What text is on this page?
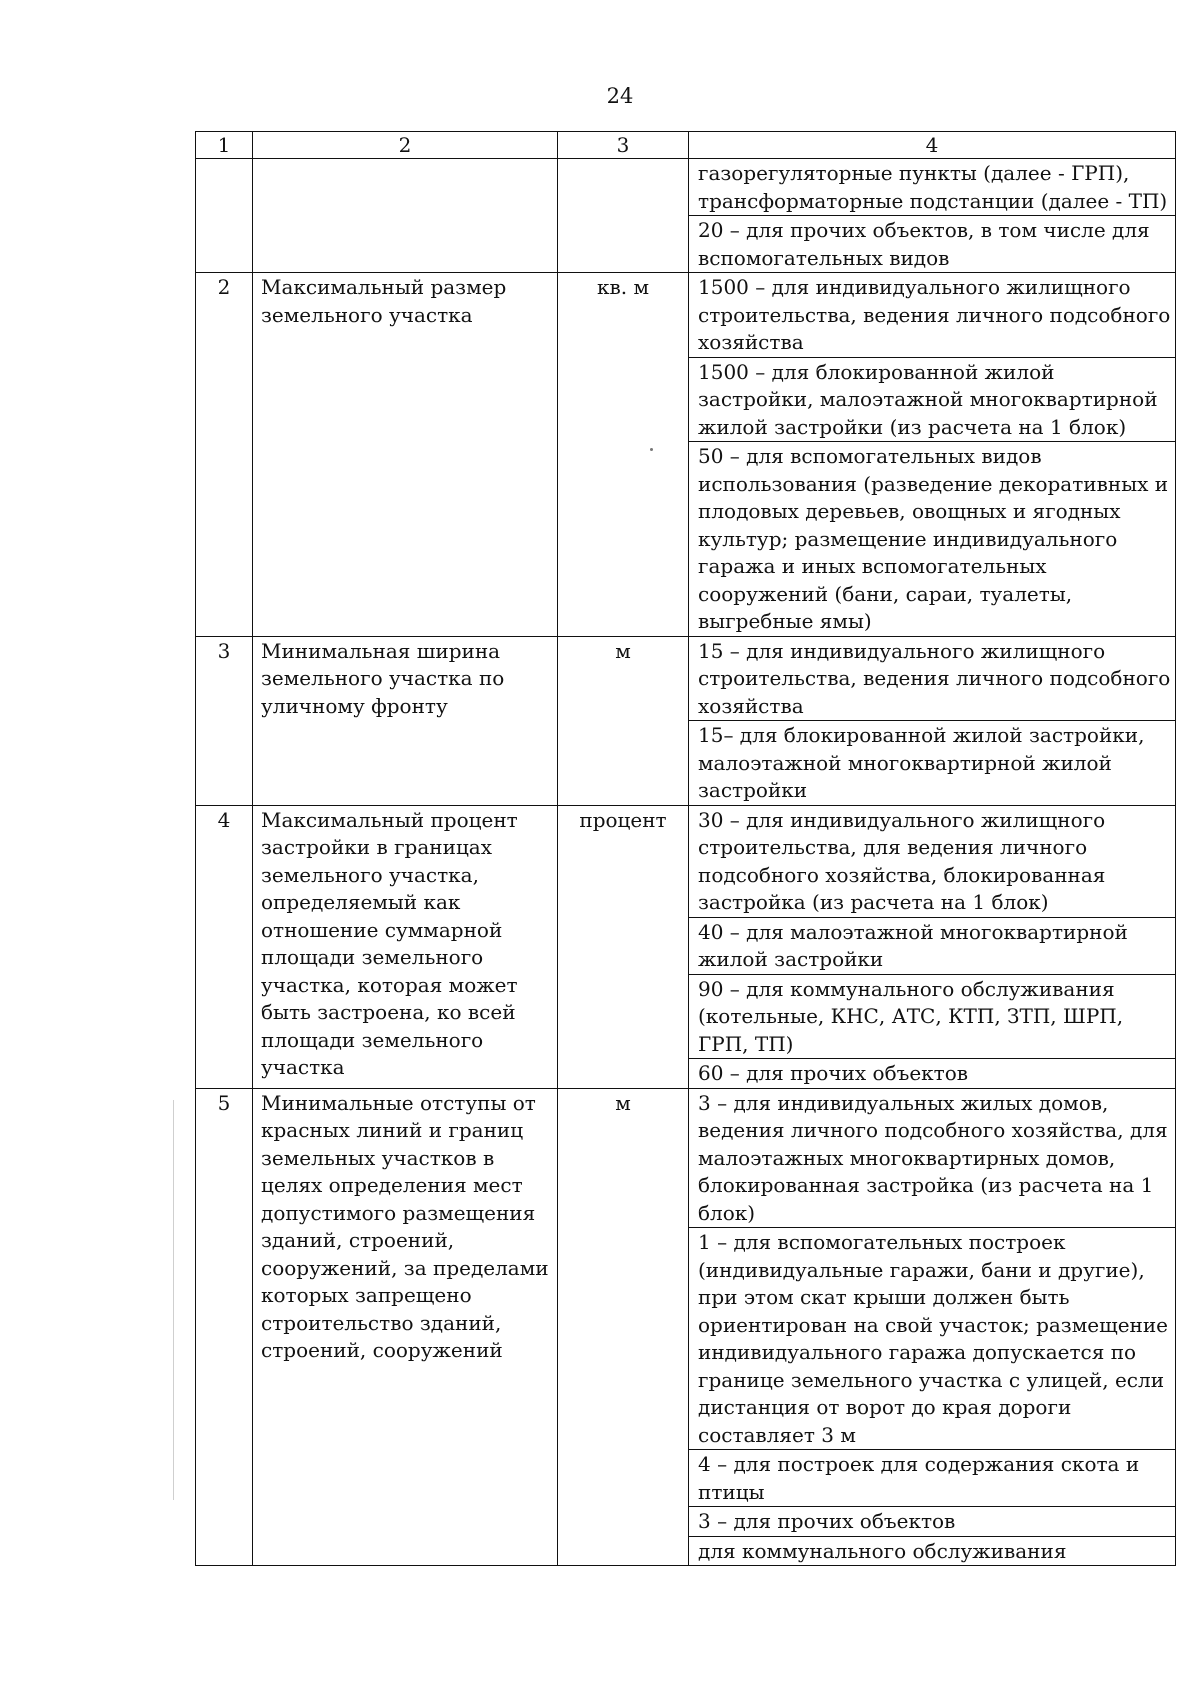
24
1	2	3	4
			газорегуляторные пункты (далее - ГРП), трансформаторные подстанции (далее - ТП)
			20 – для прочих объектов, в том числе для вспомогательных видов
2	Максимальный размер земельного участка	кв. м	1500 – для индивидуального жилищного строительства, ведения личного подсобного хозяйства
			1500 – для блокированной жилой застройки, малоэтажной многоквартирной жилой застройки (из расчета на 1 блок)
			50 – для вспомогательных видов использования (разведение декоративных и плодовых деревьев, овощных и ягодных культур; размещение индивидуального гаража и иных вспомогательных сооружений (бани, сараи, туалеты, выгребные ямы)
3	Минимальная ширина земельного участка по уличному фронту	м	15 – для индивидуального жилищного строительства, ведения личного подсобного хозяйства
			15– для блокированной жилой застройки, малоэтажной многоквартирной жилой застройки
4	Максимальный процент застройки в границах земельного участка, определяемый как отношение суммарной площади земельного участка, которая может быть застроена, ко всей площади земельного участка	процент	30 – для индивидуального жилищного строительства, для ведения личного подсобного хозяйства, блокированная застройка (из расчета на 1 блок)
			40 – для малоэтажной многоквартирной жилой застройки
			90 – для коммунального обслуживания (котельные, КНС, АТС, КТП, ЗТП, ШРП, ГРП, ТП)
			60 – для прочих объектов
5	Минимальные отступы от красных линий и границ земельных участков в целях определения мест допустимого размещения зданий, строений, сооружений, за пределами которых запрещено строительство зданий, строений, сооружений	м	3 – для индивидуальных жилых домов, ведения личного подсобного хозяйства, для малоэтажных многоквартирных домов, блокированная застройка (из расчета на 1 блок)
			1 – для вспомогательных построек (индивидуальные гаражи, бани и другие), при этом скат крыши должен быть ориентирован на свой участок; размещение индивидуального гаража допускается по границе земельного участка с улицей, если дистанция от ворот до края дороги составляет 3 м
			4 – для построек для содержания скота и птицы
			3 – для прочих объектов
			для коммунального обслуживания
